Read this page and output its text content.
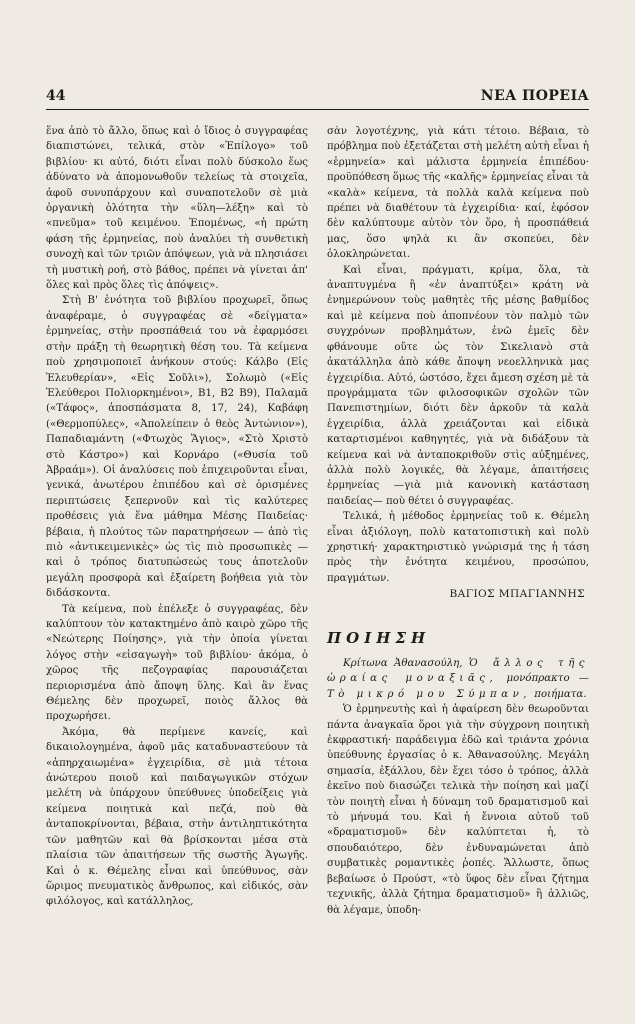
44	ΝΕΑ ΠΟΡΕΙΑ

ἕνα ἀπὸ τὸ ἄλλο, ὅπως καὶ ὁ ἴδιος ὁ συγγραφέας διαπιστώνει, τελικά, στὸν «Ἐπίλογο» τοῦ βιβλίου· κι αὐτό, διότι εἶναι πολὺ δύσκολο ἕως ἀδύνατο νὰ ἀπομονωθοῦν τελείως τὰ στοιχεῖα, ἀφοῦ συνυπάρχουν καὶ συναποτελοῦν σὲ μιὰ ὀργανικὴ ὁλότητα τὴν «ὕλη—λέξη» καὶ τὸ «πνεῦμα» τοῦ κειμένου. Ἑπομένως, «ἡ πρώτη φάση τῆς ἑρμηνείας, ποὺ ἀναλύει τὴ συνθετικὴ συνοχὴ καὶ τῶν τριῶν ἀπόψεων, γιὰ νὰ πλησιάσει τὴ μυστικὴ ροή, στὸ βάθος, πρέπει νὰ γίνεται ἀπ' ὅλες καὶ πρὸς ὅλες τὶς ἀπόψεις».

Στὴ Β' ἑνότητα τοῦ βιβλίου προχωρεῖ, ὅπως ἀναφέραμε, ὁ συγγραφέας σὲ «δείγματα» ἑρμηνείας, στὴν προσπάθειά του νὰ ἐφαρμόσει στὴν πράξη τὴ θεωρητικὴ θέση του. Τὰ κείμενα ποὺ χρησιμοποιεῖ ἀνήκουν στούς: Κάλβο (Εἰς Ἐλευθερίαν», «Εἰς Σοῦλι»), Σολωμὸ («Εἰς Ἐλεύθεροι Πολιορκημένοι», Β1, Β2 Β9), Παλαμᾶ («Τάφος», ἀποσπάσματα 8, 17, 24), Καβάφη («Θερμοπύλες», «Ἀπολείπειν ὁ θεὸς Ἀντώνιον»), Παπαδιαμάντη («Φτωχὸς Ἅγιος», «Στὸ Χριστὸ στὸ Κάστρο») καὶ Κορνάρο («Θυσία τοῦ Ἀβραάμ»). Οἱ ἀναλύσεις ποὺ ἐπιχειροῦνται εἶναι, γενικά, ἀνωτέρου ἐπιπέδου καὶ σὲ ὁρισμένες περιπτώσεις ξεπερνοῦν καὶ τὶς καλύτερες προθέσεις γιὰ ἕνα μάθημα Μέσης Παιδείας· βέβαια, ἡ πλούτος τῶν παρατηρήσεων — ἀπὸ τὶς πιὸ «ἀντικειμενικὲς» ὡς τὶς πιὸ προσωπικὲς — καὶ ὁ τρόπος διατυπώσεώς τους ἀποτελοῦν μεγάλη προσφορὰ καὶ ἐξαίρετη βοήθεια γιὰ τὸν διδάσκοντα.

Τὰ κείμενα, ποὺ ἐπέλεξε ὁ συγγραφέας, δὲν καλύπτουν τὸν κατακτημένο ἀπὸ καιρὸ χῶρο τῆς «Νεώτερης Ποίησης», γιὰ τὴν ὁποία γίνεται λόγος στὴν «εἰσαγωγὴ» τοῦ βιβλίου· ἀκόμα, ὁ χῶρος τῆς πεζογραφίας παρουσιάζεται περιορισμένα ἀπὸ ἄποψη ὕλης. Καὶ ἂν ἕνας Θέμελης δὲν προχωρεῖ, ποιὸς ἄλλος θὰ προχωρήσει.

Ἀκόμα, θὰ περίμενε κανείς, καὶ δικαιολογημένα, ἀφοῦ μᾶς καταδυναστεύουν τὰ «ἀπηρχαιωμένα» ἐγχειρίδια, σὲ μιὰ τέτοια ἀνώτερου ποιοῦ καὶ παιδαγωγικῶν στόχων μελέτη νὰ ὑπάρχουν ὑπεύθυνες ὑποδείξεις γιὰ κείμενα ποιητικὰ καὶ πεζά, ποὺ θὰ ἀνταποκρίνονται, βέβαια, στὴν ἀντιληπτικότητα τῶν μαθητῶν καὶ θὰ βρίσκονται μέσα στὰ πλαίσια τῶν ἀπαιτήσεων τῆς σωστῆς Ἀγωγῆς. Καὶ ὁ κ. Θέμελης εἶναι καὶ ὑπεύθυνος, σὰν ὥριμος πνευματικὸς ἄνθρωπος, καὶ εἰδικός, σὰν φιλόλογος, καὶ κατάλληλος,

σὰν λογοτέχνης, γιὰ κάτι τέτοιο. Βέβαια, τὸ πρόβλημα ποὺ ἐξετάζεται στὴ μελέτη αὐτὴ εἶναι ἡ «ἑρμηνεία» καὶ μάλιστα ἑρμηνεία ἐπιπέδου· προϋπόθεση ὅμως τῆς «καλῆς» ἑρμηνείας εἶναι τὰ «καλὰ» κείμενα, τὰ πολλὰ καλὰ κείμενα ποὺ πρέπει νὰ διαθέτουν τὰ ἐγχειρίδια· καί, ἐφόσον δὲν καλύπτουμε αὐτὸν τὸν ὅρο, ἡ προσπάθειά μας, ὅσο ψηλὰ κι ἂν σκοπεύει, δὲν ὁλοκληρώνεται.

Καὶ εἶναι, πράγματι, κρίμα, ὅλα, τὰ ἀναπτυγμένα ἢ «ἐν ἀναπτύξει» κράτη νὰ ἐνημερώνουν τοὺς μαθητὲς τῆς μέσης βαθμίδος καὶ μὲ κείμενα ποὺ ἀποπνέουν τὸν παλμὸ τῶν συγχρόνων προβλημάτων, ἐνῶ ἐμεῖς δὲν φθάνουμε οὔτε ὡς τὸν Σικελιανὸ στὰ ἀκατάλληλα ἀπὸ κάθε ἄποψη νεοελληνικὰ μας ἐγχειρίδια. Αὐτό, ὡστόσο, ἔχει ἄμεση σχέση μὲ τὰ προγράμματα τῶν φιλοσοφικῶν σχολῶν τῶν Πανεπιστημίων, διότι δὲν ἀρκοῦν τὰ καλὰ ἐγχειρίδια, ἀλλὰ χρειάζονται καὶ εἰδικὰ καταρτισμένοι καθηγητές, γιὰ νὰ διδάξουν τὰ κείμενα καὶ νὰ ἀνταποκριθοῦν στὶς αὐξημένες, ἀλλὰ πολὺ λογικές, θὰ λέγαμε, ἀπαιτήσεις ἑρμηνείας —γιὰ μιὰ κανονικὴ κατάσταση παιδείας— ποὺ θέτει ὁ συγγραφέας.

Τελικά, ἡ μέθοδος ἑρμηνείας τοῦ κ. Θέμελη εἶναι ἀξιόλογη, πολὺ κατατοπιστικὴ καὶ πολὺ χρηστική· χαρακτηριστικὸ γνώρισμά της ἡ τάση πρὸς τὴν ἑνότητα κειμένου, προσώπου, πραγμάτων.

ΒΑΓΙΟΣ ΜΠΑΓΙΑΝΝΗΣ
ΠΟΙΗΣΗ

Κρίτωνα Ἀθανασούλη, Ὁ ἄλλος τῆς ὡραίας μοναξιᾶς, μονόπρακτο — Τὸ μικρό μου Σύμπαν, ποιήματα.

Ὁ ἑρμηνευτὴς καὶ ἡ ἀφαίρεση δὲν θεωροῦνται πάντα ἀναγκαῖα ὅροι γιὰ τὴν σύγχρονη ποιητικὴ ἐκφραστική· παράδειγμα ἐδῶ καὶ τριάντα χρόνια ὑπεύθυνης ἐργασίας ὁ κ. Ἀθανασούλης. Μεγάλη σημασία, ἐξάλλου, δὲν ἔχει τόσο ὁ τρόπος, ἀλλὰ ἐκεῖνο ποὺ διασώζει τελικὰ τὴν ποίηση καὶ μαζί τὸν ποιητὴ εἶναι ἡ δύναμη τοῦ δραματισμοῦ καὶ τὸ μήνυμά του. Καὶ ἡ ἔννοια αὐτοῦ τοῦ «δραματισμοῦ» δὲν καλύπτεται ἡ, τὸ σπουδαιότερο, δὲν ἐνδυναμώνεται ἀπὸ συμβατικὲς ρομαντικὲς ῥοπές. Ἄλλωστε, ὅπως βεβαίωσε ὁ Προύστ, «τὸ ὕφος δὲν εἶναι ζήτημα τεχνικῆς, ἀλλὰ ζήτημα δραματισμοῦ» ἢ ἀλλιῶς, θὰ λέγαμε, ὑποδη-
